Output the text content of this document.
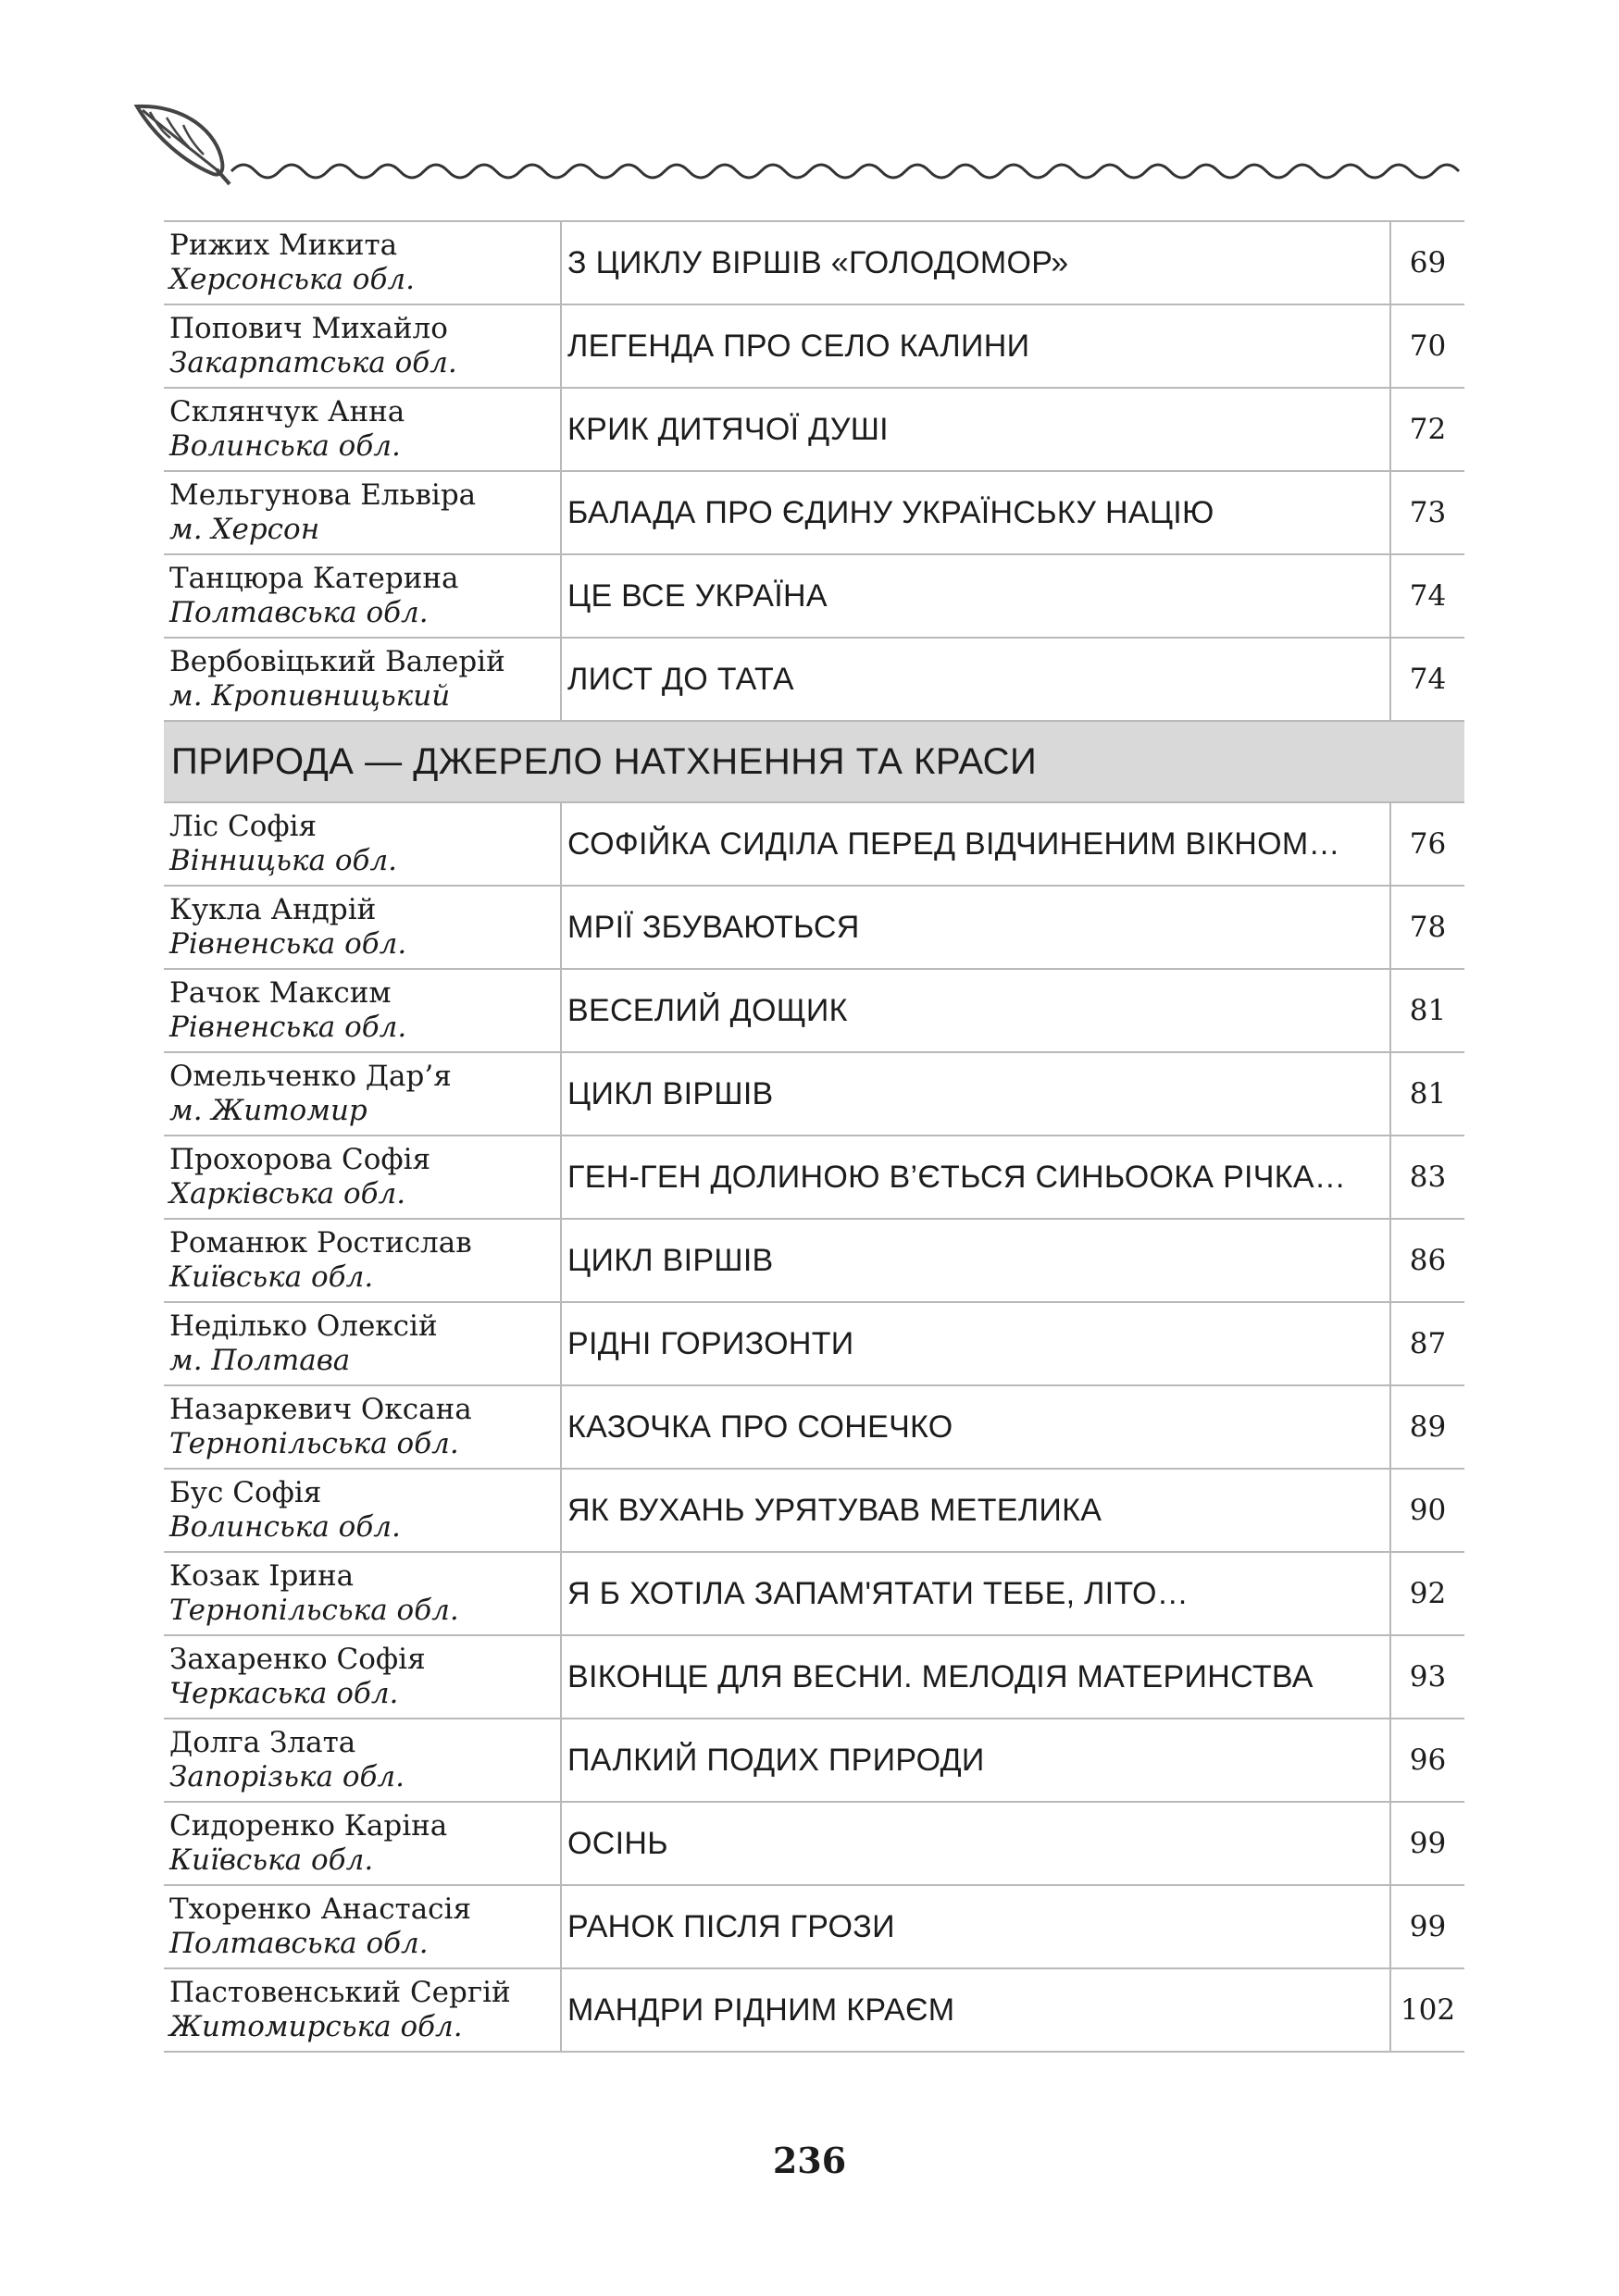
Рижих Микита
Херсонська обл.	З ЦИКЛУ ВІРШІВ «ГОЛОДОМОР»	69

Попович Михайло
Закарпатська обл.	ЛЕГЕНДА ПРО СЕЛО КАЛИНИ	70

Склянчук Анна
Волинська обл.	КРИК ДИТЯЧОЇ ДУШІ	72

Мельгунова Ельвіра
м. Херсон	БАЛАДА ПРО ЄДИНУ УКРАЇНСЬКУ НАЦІЮ	73

Танцюра Катерина
Полтавська обл.	ЦЕ ВСЕ УКРАЇНА	74

Вербовіцький Валерій
м. Кропивницький	ЛИСТ ДО ТАТА	74
ПРИРОДА — ДЖЕРЕЛО НАТХНЕННЯ ТА КРАСИ		

Ліс Софія
Вінницька обл.	СОФІЙКА СИДІЛА ПЕРЕД ВІДЧИНЕНИМ ВІКНОМ…	76

Кукла Андрій
Рівненська обл.	МРІЇ ЗБУВАЮТЬСЯ	78

Рачок Максим
Рівненська обл.	ВЕСЕЛИЙ ДОЩИК	81

Омельченко Дар’я
м. Житомир	ЦИКЛ ВІРШІВ	81

Прохорова Софія
Харківська обл.	ГЕН-ГЕН ДОЛИНОЮ В’ЄТЬСЯ СИНЬООКА РІЧКА…	83

Романюк Ростислав
Київська обл.	ЦИКЛ ВІРШІВ	86

Неділько Олексій
м. Полтава	РІДНІ ГОРИЗОНТИ	87

Назаркевич Оксана
Тернопільська обл.	КАЗОЧКА ПРО СОНЕЧКО	89

Бус Софія
Волинська обл.	ЯК ВУХАНЬ УРЯТУВАВ МЕТЕЛИКА	90

Козак Ірина
Тернопільська обл.	Я Б ХОТІЛА ЗАПАМ'ЯТАТИ ТЕБЕ, ЛІТО…	92

Захаренко Софія
Черкаська обл.	ВІКОНЦЕ ДЛЯ ВЕСНИ. МЕЛОДІЯ МАТЕРИНСТВА	93

Долга Злата
Запорізька обл.	ПАЛКИЙ ПОДИХ ПРИРОДИ	96

Сидоренко Каріна
Київська обл.	ОСІНЬ	99

Тхоренко Анастасія
Полтавська обл.	РАНОК ПІСЛЯ ГРОЗИ	99

Пастовенський Сергій
Житомирська обл.	МАНДРИ РІДНИМ КРАЄМ	102
236
